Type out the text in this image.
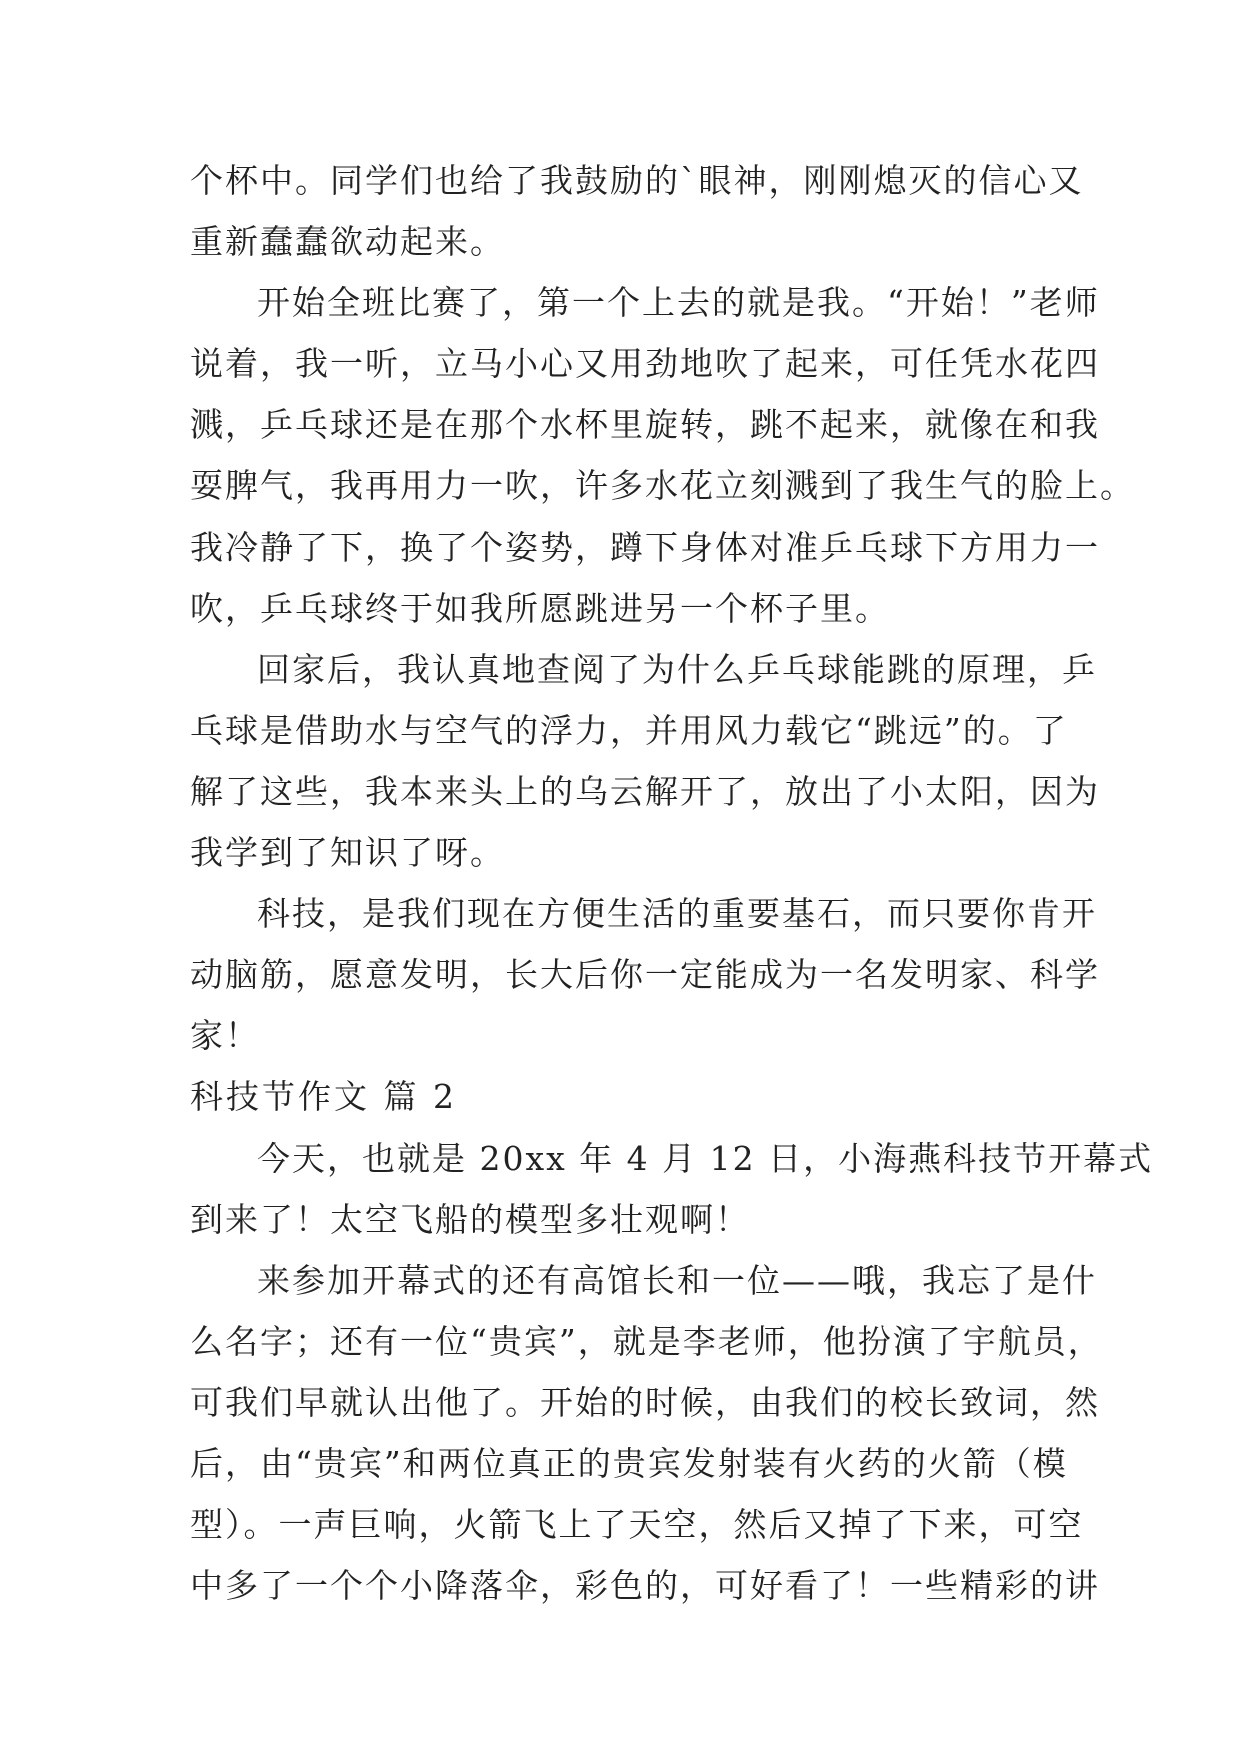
个杯中。同学们也给了我鼓励的`眼神，刚刚熄灭的信心又
重新蠢蠢欲动起来。
开始全班比赛了，第一个上去的就是我。“开始！”老师
说着，我一听，立马小心又用劲地吹了起来，可任凭水花四
溅，乒乓球还是在那个水杯里旋转，跳不起来，就像在和我
耍脾气，我再用力一吹，许多水花立刻溅到了我生气的脸上。
我冷静了下，换了个姿势，蹲下身体对准乒乓球下方用力一
吹，乒乓球终于如我所愿跳进另一个杯子里。
回家后，我认真地查阅了为什么乒乓球能跳的原理，乒
乓球是借助水与空气的浮力，并用风力载它“跳远”的。了
解了这些，我本来头上的乌云解开了，放出了小太阳，因为
我学到了知识了呀。
科技，是我们现在方便生活的重要基石，而只要你肯开
动脑筋，愿意发明，长大后你一定能成为一名发明家、科学
家！
科技节作文 篇 2
今天，也就是 20xx 年 4 月 12 日，小海燕科技节开幕式
到来了！太空飞船的模型多壮观啊！
来参加开幕式的还有高馆长和一位——哦，我忘了是什
么名字；还有一位“贵宾”，就是李老师，他扮演了宇航员，
可我们早就认出他了。开始的时候，由我们的校长致词，然
后，由“贵宾”和两位真正的贵宾发射装有火药的火箭（模
型）。一声巨响，火箭飞上了天空，然后又掉了下来，可空
中多了一个个小降落伞，彩色的，可好看了！一些精彩的讲
